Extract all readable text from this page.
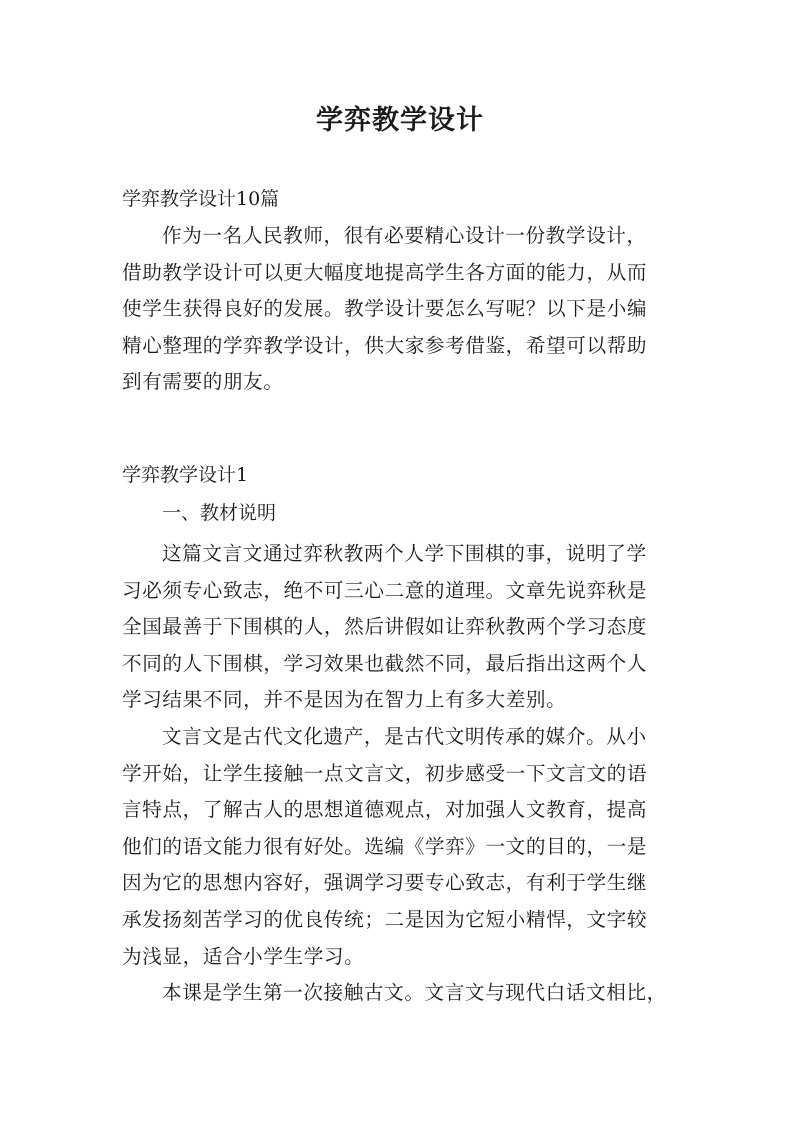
学弈教学设计

学弈教学设计10篇

作为一名人民教师，很有必要精心设计一份教学设计，
借助教学设计可以更大幅度地提高学生各方面的能力，从而
使学生获得良好的发展。教学设计要怎么写呢？以下是小编
精心整理的学弈教学设计，供大家参考借鉴，希望可以帮助
到有需要的朋友。

学弈教学设计1

一、教材说明

这篇文言文通过弈秋教两个人学下围棋的事，说明了学
习必须专心致志，绝不可三心二意的道理。文章先说弈秋是
全国最善于下围棋的人，然后讲假如让弈秋教两个学习态度
不同的人下围棋，学习效果也截然不同，最后指出这两个人
学习结果不同，并不是因为在智力上有多大差别。

文言文是古代文化遗产，是古代文明传承的媒介。从小
学开始，让学生接触一点文言文，初步感受一下文言文的语
言特点，了解古人的思想道德观点，对加强人文教育，提高
他们的语文能力很有好处。选编《学弈》一文的目的，一是
因为它的思想内容好，强调学习要专心致志，有利于学生继
承发扬刻苦学习的优良传统；二是因为它短小精悍，文字较
为浅显，适合小学生学习。

本课是学生第一次接触古文。文言文与现代白话文相比，
